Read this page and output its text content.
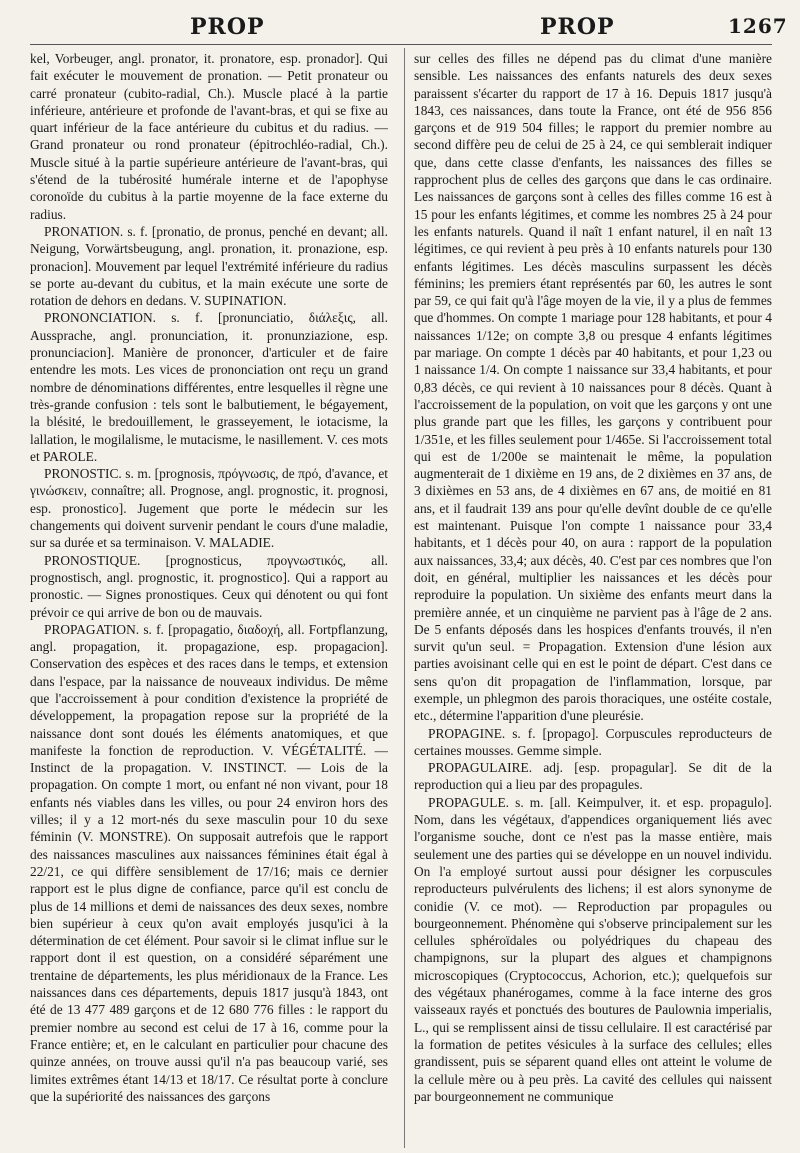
PROP	PROP	1267

kel, Vorbeuger, angl. pronator, it. pronatore, esp. pronador]. Qui fait exécuter le mouvement de pronation. — Petit pronateur ou carré pronateur (cubito-radial, Ch.). Muscle placé à la partie inférieure, antérieure et profonde de l'avant-bras, et qui se fixe au quart inférieur de la face antérieure du cubitus et du radius. — Grand pronateur ou rond pronateur (épitrochléo-radial, Ch.). Muscle situé à la partie supérieure antérieure de l'avant-bras, qui s'étend de la tubérosité humérale interne et de l'apophyse coronoïde du cubitus à la partie moyenne de la face externe du radius.

PRONATION. s. f. [pronatio, de pronus, penché en devant; all. Neigung, Vorwärtsbeugung, angl. pronation, it. pronazione, esp. pronacion]. Mouvement par lequel l'extrémité inférieure du radius se porte au-devant du cubitus, et la main exécute une sorte de rotation de dehors en dedans. V. SUPINATION.

PRONONCIATION. s. f. [pronunciatio, διάλεξις, all. Aussprache, angl. pronunciation, it. pronunziazione, esp. pronunciacion]. Manière de prononcer, d'articuler et de faire entendre les mots. Les vices de prononciation ont reçu un grand nombre de dénominations différentes, entre lesquelles il règne une très-grande confusion : tels sont le balbutiement, le bégayement, la blésité, le bredouillement, le grasseyement, le iotacisme, la lallation, le mogilalisme, le mutacisme, le nasillement. V. ces mots et PAROLE.

PRONOSTIC. s. m. [prognosis, πρόγνωσις, de πρό, d'avance, et γινώσκειν, connaître; all. Prognose, angl. prognostic, it. prognosi, esp. pronostico]. Jugement que porte le médecin sur les changements qui doivent survenir pendant le cours d'une maladie, sur sa durée et sa terminaison. V. MALADIE.

PRONOSTIQUE. [prognosticus, προγνωστικός, all. prognostisch, angl. prognostic, it. prognostico]. Qui a rapport au pronostic. — Signes pronostiques. Ceux qui dénotent ou qui font prévoir ce qui arrive de bon ou de mauvais.

PROPAGATION. s. f. [propagatio, διαδοχή, all. Fortpflanzung, angl. propagation, it. propagazione, esp. propagacion]. Conservation des espèces et des races dans le temps, et extension dans l'espace, par la naissance de nouveaux individus. De même que l'accroissement à pour condition d'existence la propriété de développement, la propagation repose sur la propriété de la naissance dont sont doués les éléments anatomiques, et que manifeste la fonction de reproduction. V. VÉGÉTALITÉ. — Instinct de la propagation. V. INSTINCT. — Lois de la propagation. On compte 1 mort, ou enfant né non vivant, pour 18 enfants nés viables dans les villes, ou pour 24 environ hors des villes; il y a 12 mort-nés du sexe masculin pour 10 du sexe féminin (V. MONSTRE). On supposait autrefois que le rapport des naissances masculines aux naissances féminines était égal à 22/21, ce qui diffère sensiblement de 17/16; mais ce dernier rapport est le plus digne de confiance, parce qu'il est conclu de plus de 14 millions et demi de naissances des deux sexes, nombre bien supérieur à ceux qu'on avait employés jusqu'ici à la détermination de cet élément. Pour savoir si le climat influe sur le rapport dont il est question, on a considéré séparément une trentaine de départements, les plus méridionaux de la France. Les naissances dans ces départements, depuis 1817 jusqu'à 1843, ont été de 13 477 489 garçons et de 12 680 776 filles : le rapport du premier nombre au second est celui de 17 à 16, comme pour la France entière; et, en le calculant en particulier pour chacune des quinze années, on trouve aussi qu'il n'a pas beaucoup varié, ses limites extrêmes étant 14/13 et 18/17. Ce résultat porte à conclure que la supériorité des naissances des garçons

sur celles des filles ne dépend pas du climat d'une manière sensible. Les naissances des enfants naturels des deux sexes paraissent s'écarter du rapport de 17 à 16. Depuis 1817 jusqu'à 1843, ces naissances, dans toute la France, ont été de 956 856 garçons et de 919 504 filles; le rapport du premier nombre au second diffère peu de celui de 25 à 24, ce qui semblerait indiquer que, dans cette classe d'enfants, les naissances des filles se rapprochent plus de celles des garçons que dans le cas ordinaire. Les naissances de garçons sont à celles des filles comme 16 est à 15 pour les enfants légitimes, et comme les nombres 25 à 24 pour les enfants naturels. Quand il naît 1 enfant naturel, il en naît 13 légitimes, ce qui revient à peu près à 10 enfants naturels pour 130 enfants légitimes. Les décès masculins surpassent les décès féminins; les premiers étant représentés par 60, les autres le sont par 59, ce qui fait qu'à l'âge moyen de la vie, il y a plus de femmes que d'hommes. On compte 1 mariage pour 128 habitants, et pour 4 naissances 1/12e; on compte 3,8 ou presque 4 enfants légitimes par mariage. On compte 1 décès par 40 habitants, et pour 1,23 ou 1 naissance 1/4. On compte 1 naissance sur 33,4 habitants, et pour 0,83 décès, ce qui revient à 10 naissances pour 8 décès. Quant à l'accroissement de la population, on voit que les garçons y ont une plus grande part que les filles, les garçons y contribuent pour 1/351e, et les filles seulement pour 1/465e. Si l'accroissement total qui est de 1/200e se maintenait le même, la population augmenterait de 1 dixième en 19 ans, de 2 dixièmes en 37 ans, de 3 dixièmes en 53 ans, de 4 dixièmes en 67 ans, de moitié en 81 ans, et il faudrait 139 ans pour qu'elle devînt double de ce qu'elle est maintenant. Puisque l'on compte 1 naissance pour 33,4 habitants, et 1 décès pour 40, on aura : rapport de la population aux naissances, 33,4; aux décès, 40. C'est par ces nombres que l'on doit, en général, multiplier les naissances et les décès pour reproduire la population. Un sixième des enfants meurt dans la première année, et un cinquième ne parvient pas à l'âge de 2 ans. De 5 enfants déposés dans les hospices d'enfants trouvés, il n'en survit qu'un seul. = Propagation. Extension d'une lésion aux parties avoisinant celle qui en est le point de départ. C'est dans ce sens qu'on dit propagation de l'inflammation, lorsque, par exemple, un phlegmon des parois thoraciques, une ostéite costale, etc., détermine l'apparition d'une pleurésie.

PROPAGINE. s. f. [propago]. Corpuscules reproducteurs de certaines mousses. Gemme simple.

PROPAGULAIRE. adj. [esp. propagular]. Se dit de la reproduction qui a lieu par des propagules.

PROPAGULE. s. m. [all. Keimpulver, it. et esp. propagulo]. Nom, dans les végétaux, d'appendices organiquement liés avec l'organisme souche, dont ce n'est pas la masse entière, mais seulement une des parties qui se développe en un nouvel individu. On l'a employé surtout aussi pour désigner les corpuscules reproducteurs pulvérulents des lichens; il est alors synonyme de conidie (V. ce mot). — Reproduction par propagules ou bourgeonnement. Phénomène qui s'observe principalement sur les cellules sphéroïdales ou polyédriques du chapeau des champignons, sur la plupart des algues et champignons microscopiques (Cryptococcus, Achorion, etc.); quelquefois sur des végétaux phanérogames, comme à la face interne des gros vaisseaux rayés et ponctués des boutures de Paulownia imperialis, L., qui se remplissent ainsi de tissu cellulaire. Il est caractérisé par la formation de petites vésicules à la surface des cellules; elles grandissent, puis se séparent quand elles ont atteint le volume de la cellule mère ou à peu près. La cavité des cellules qui naissent par bourgeonnement ne communique
